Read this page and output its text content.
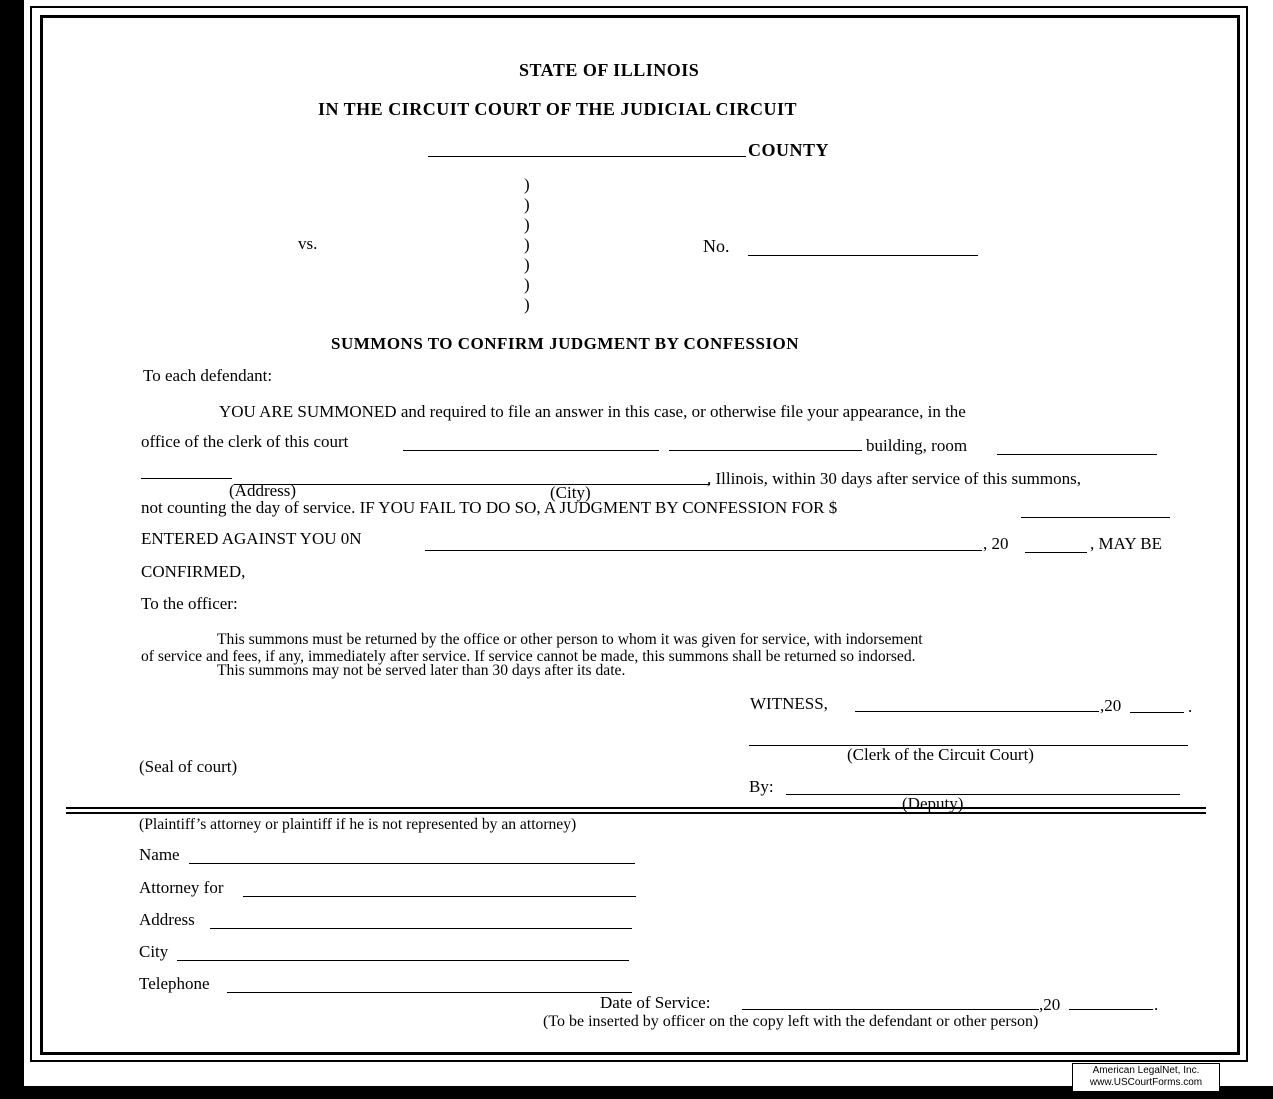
STATE OF ILLINOIS
IN THE CIRCUIT COURT OF THE JUDICIAL CIRCUIT
COUNTY
)
)
)
)
)
)
)
vs.	No.
SUMMONS TO CONFIRM JUDGMENT BY CONFESSION
To each defendant:
YOU ARE SUMMONED and required to file an answer in this case, or otherwise file your appearance, in the
office of the clerk of this court	building, room
, Illinois, within 30 days after service of this summons,
(Address)	(City)
not counting the day of service. IF YOU FAIL TO DO SO, A JUDGMENT BY CONFESSION FOR $
ENTERED AGAINST YOU 0N	, 20	, MAY BE
CONFIRMED,
To the officer:
This summons must be returned by the office or other person to whom it was given for service, with indorsement
of service and fees, if any, immediately after service. If service cannot be made, this summons shall be returned so indorsed.
This summons may not be served later than 30 days after its date.
WITNESS,	,20	.
(Clerk of the Circuit Court)
(Seal of court)
By:
(Deputy)
(Plaintiff’s attorney or plaintiff if he is not represented by an attorney)
Name
Attorney for
Address
City
Telephone
Date of Service:	,20	.
(To be inserted by officer on the copy left with the defendant or other person)
American LegalNet, Inc.
www.USCourtForms.com
